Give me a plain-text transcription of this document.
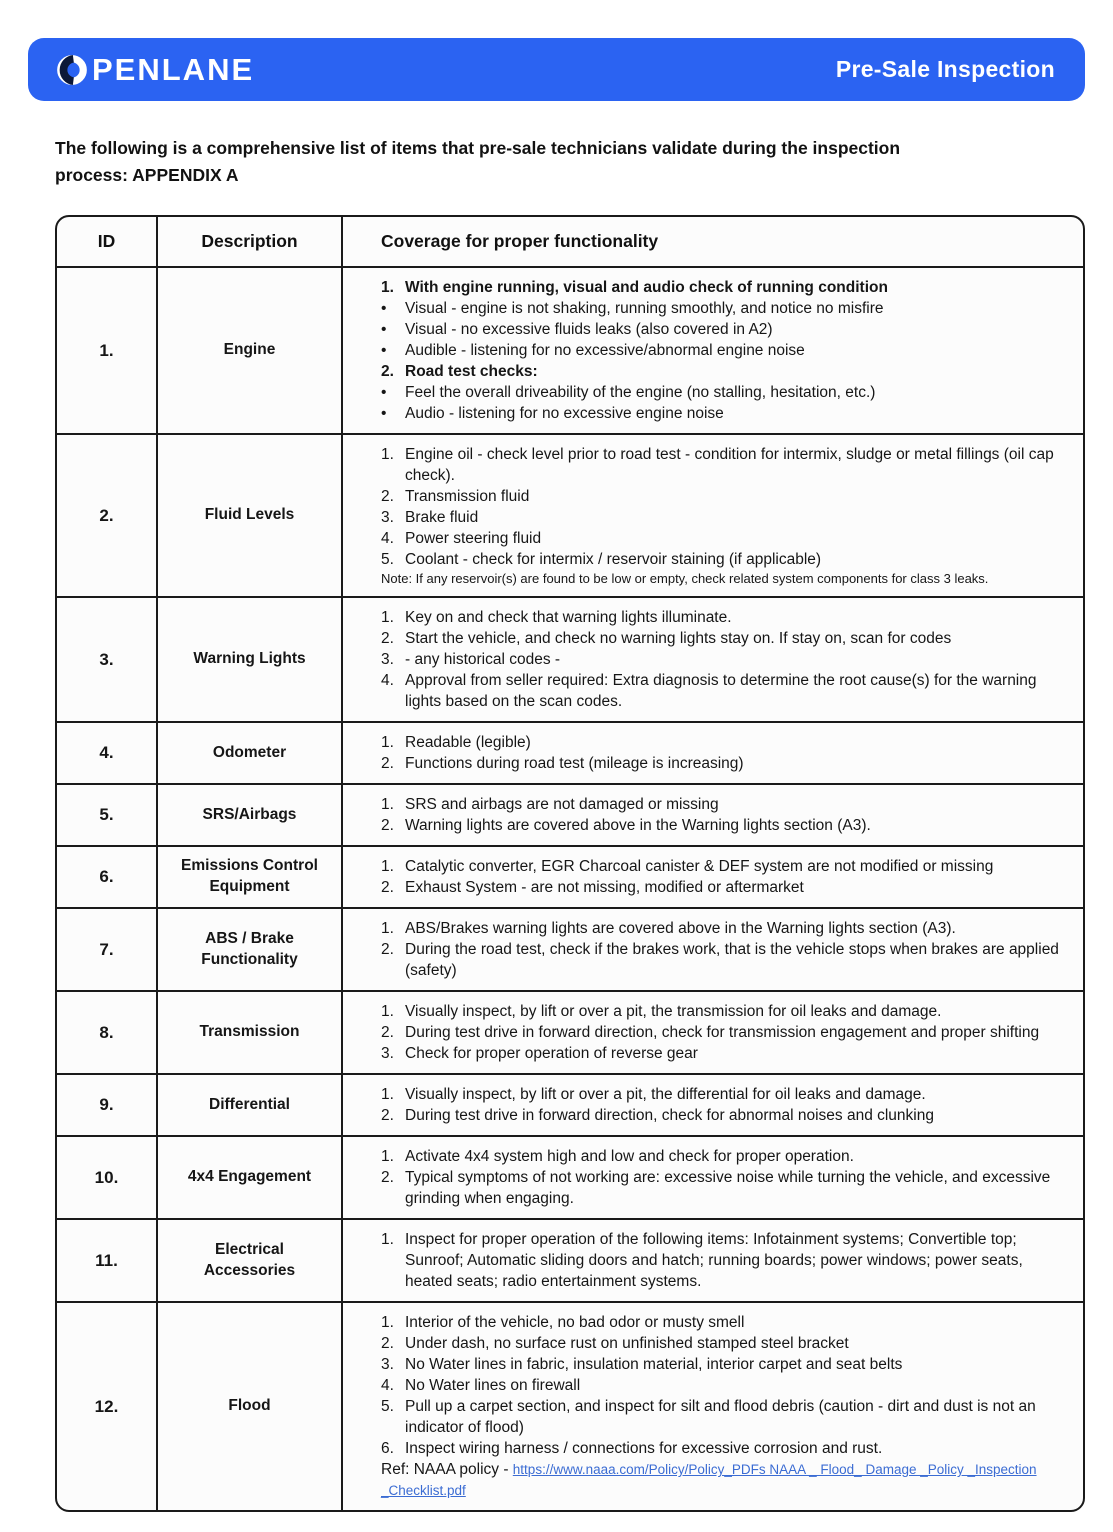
PENLANE	Pre-Sale Inspection

The following is a comprehensive list of items that pre-sale technicians validate during the inspection process: APPENDIX A

ID	Description	Coverage for proper functionality
1.	Engine	
1. With engine running, visual and audio check of running condition
•	Visual - engine is not shaking, running smoothly, and notice no misfire
•	Visual - no excessive fluids leaks (also covered in A2)
•	Audible - listening for no excessive/abnormal engine noise
2. Road test checks:
•	Feel the overall driveability of the engine (no stalling, hesitation, etc.)
•	Audio - listening for no excessive engine noise

2.	Fluid Levels	
1. Engine oil - check level prior to road test - condition for intermix, sludge or metal fillings (oil cap check).
2. Transmission fluid
3. Brake fluid
4. Power steering fluid
5. Coolant - check for intermix / reservoir staining (if applicable)
Note: If any reservoir(s) are found to be low or empty, check related system components for class 3 leaks.

3.	Warning Lights	
1. Key on and check that warning lights illuminate.
2. Start the vehicle, and check no warning lights stay on. If stay on, scan for codes
3. - any historical codes -
4. Approval from seller required: Extra diagnosis to determine the root cause(s) for the warning lights based on the scan codes.

4.	Odometer	1. Readable (legible)
2. Functions during road test (mileage is increasing)

5.	SRS/Airbags	1. SRS and airbags are not damaged or missing
2. Warning lights are covered above in the Warning lights section (A3).

6.	Emissions Control Equipment	1. Catalytic converter, EGR Charcoal canister & DEF system are not modified or missing
2. Exhaust System - are not missing, modified or aftermarket

7.	ABS / Brake Functionality	1. ABS/Brakes warning lights are covered above in the Warning lights section (A3).
2. During the road test, check if the brakes work, that is the vehicle stops when brakes are applied (safety)

8.	Transmission	
1. Visually inspect, by lift or over a pit, the transmission for oil leaks and damage.
2. During test drive in forward direction, check for transmission engagement and proper shifting
3. Check for proper operation of reverse gear

9.	Differential	1. Visually inspect, by lift or over a pit, the differential for oil leaks and damage.
2. During test drive in forward direction, check for abnormal noises and clunking

10.	4x4 Engagement	1. Activate 4x4 system high and low and check for proper operation.
2. Typical symptoms of not working are: excessive noise while turning the vehicle, and excessive grinding when engaging.

11.	Electrical Accessories	1. Inspect for proper operation of the following items: Infotainment systems; Convertible top; Sunroof; Automatic sliding doors and hatch; running boards; power windows; power seats, heated seats; radio entertainment systems.

12.	Flood	
1. Interior of the vehicle, no bad odor or musty smell
2. Under dash, no surface rust on unfinished stamped steel bracket
3. No Water lines in fabric, insulation material, interior carpet and seat belts
4. No Water lines on firewall
5. Pull up a carpet section, and inspect for silt and flood debris (caution - dirt and dust is not an indicator of flood)
6. Inspect wiring harness / connections for excessive corrosion and rust.
Ref: NAAA policy - https://www.naaa.com/Policy/Policy_PDFs NAAA _ Flood_ Damage _Policy _Inspection _Checklist.pdf
